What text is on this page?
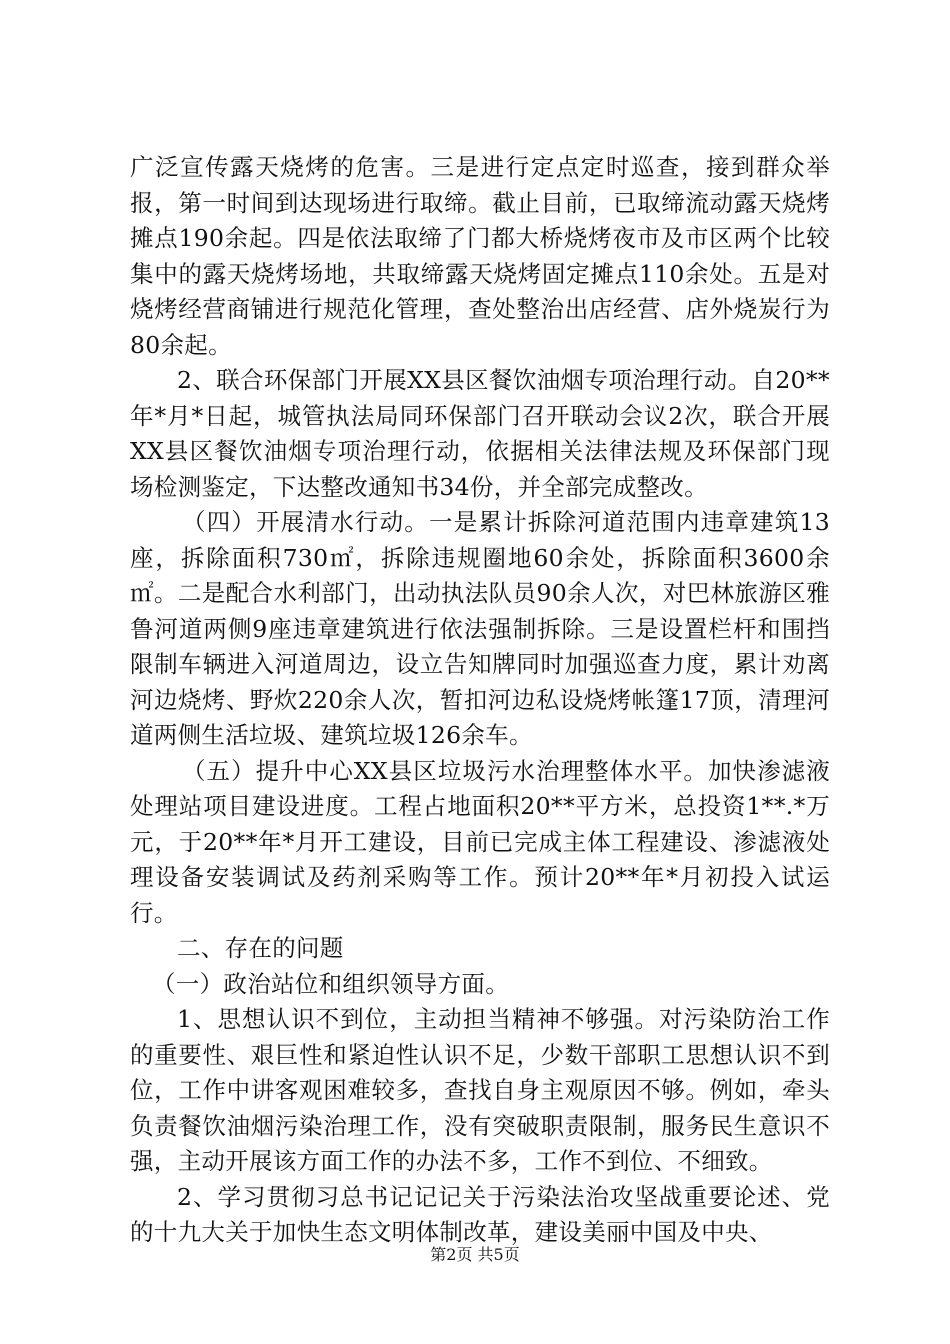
广泛宣传露天烧烤的危害。三是进行定点定时巡查，接到群众举报，第一时间到达现场进行取缔。截止目前，已取缔流动露天烧烤摊点190余起。四是依法取缔了门都大桥烧烤夜市及市区两个比较集中的露天烧烤场地，共取缔露天烧烤固定摊点110余处。五是对烧烤经营商铺进行规范化管理，查处整治出店经营、店外烧炭行为80余起。

2、联合环保部门开展XX县区餐饮油烟专项治理行动。自20**年*月*日起，城管执法局同环保部门召开联动会议2次，联合开展XX县区餐饮油烟专项治理行动，依据相关法律法规及环保部门现场检测鉴定，下达整改通知书34份，并全部完成整改。

（四）开展清水行动。一是累计拆除河道范围内违章建筑13座，拆除面积730㎡，拆除违规圈地60余处，拆除面积3600余㎡。二是配合水利部门，出动执法队员90余人次，对巴林旅游区雅鲁河道两侧9座违章建筑进行依法强制拆除。三是设置栏杆和围挡限制车辆进入河道周边，设立告知牌同时加强巡查力度，累计劝离河边烧烤、野炊220余人次，暂扣河边私设烧烤帐篷17顶，清理河道两侧生活垃圾、建筑垃圾126余车。

（五）提升中心XX县区垃圾污水治理整体水平。加快渗滤液处理站项目建设进度。工程占地面积20**平方米，总投资1**.*万元，于20**年*月开工建设，目前已完成主体工程建设、渗滤液处理设备安装调试及药剂采购等工作。预计20**年*月初投入试运行。

二、存在的问题

（一）政治站位和组织领导方面。

1、思想认识不到位，主动担当精神不够强。对污染防治工作的重要性、艰巨性和紧迫性认识不足，少数干部职工思想认识不到位，工作中讲客观困难较多，查找自身主观原因不够。例如，牵头负责餐饮油烟污染治理工作，没有突破职责限制，服务民生意识不强，主动开展该方面工作的办法不多，工作不到位、不细致。

2、学习贯彻习总书记记记关于污染法治攻坚战重要论述、党的十九大关于加快生态文明体制改革，建设美丽中国及中央、

第2页 共5页
